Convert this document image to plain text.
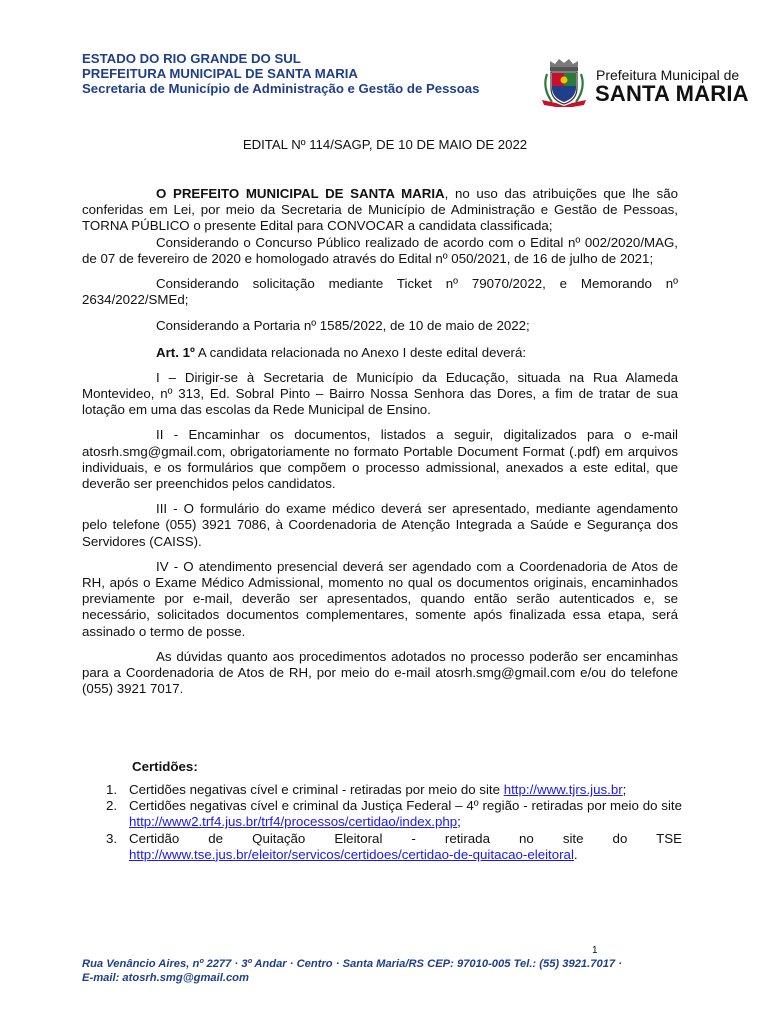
ESTADO DO RIO GRANDE DO SUL
PREFEITURA MUNICIPAL DE SANTA MARIA
Secretaria de Município de Administração e Gestão de Pessoas
Prefeitura Municipal de
SANTA MARIA
EDITAL Nº 114/SAGP, DE 10 DE MAIO DE 2022

O PREFEITO MUNICIPAL DE SANTA MARIA, no uso das atribuições que lhe são conferidas em Lei, por meio da Secretaria de Município de Administração e Gestão de Pessoas, TORNA PÚBLICO o presente Edital para CONVOCAR a candidata classificada;

Considerando o Concurso Público realizado de acordo com o Edital nº 002/2020/MAG, de 07 de fevereiro de 2020 e homologado através do Edital nº 050/2021, de 16 de julho de 2021;

Considerando solicitação mediante Ticket nº 79070/2022, e Memorando nº 2634/2022/SMEd;

Considerando a Portaria nº 1585/2022, de 10 de maio de 2022;

Art. 1º A candidata relacionada no Anexo I deste edital deverá:

I – Dirigir-se à Secretaria de Município da Educação, situada na Rua Alameda Montevideo, nº 313, Ed. Sobral Pinto – Bairro Nossa Senhora das Dores, a fim de tratar de sua lotação em uma das escolas da Rede Municipal de Ensino.

II - Encaminhar os documentos, listados a seguir, digitalizados para o e-mail atosrh.smg@gmail.com, obrigatoriamente no formato Portable Document Format (.pdf) em arquivos individuais, e os formulários que compõem o processo admissional, anexados a este edital, que deverão ser preenchidos pelos candidatos.

III - O formulário do exame médico deverá ser apresentado, mediante agendamento pelo telefone (055) 3921 7086, à Coordenadoria de Atenção Integrada a Saúde e Segurança dos Servidores (CAISS).

IV - O atendimento presencial deverá ser agendado com a Coordenadoria de Atos de RH, após o Exame Médico Admissional, momento no qual os documentos originais, encaminhados previamente por e-mail, deverão ser apresentados, quando então serão autenticados e, se necessário, solicitados documentos complementares, somente após finalizada essa etapa, será assinado o termo de posse.

As dúvidas quanto aos procedimentos adotados no processo poderão ser encaminhas para a Coordenadoria de Atos de RH, por meio do e-mail atosrh.smg@gmail.com e/ou do telefone (055) 3921 7017.

Certidões:
1. Certidões negativas cível e criminal - retiradas por meio do site http://www.tjrs.jus.br;
2. Certidões negativas cível e criminal da Justiça Federal – 4º região - retiradas por meio do site http://www2.trf4.jus.br/trf4/processos/certidao/index.php;
3. Certidão de Quitação Eleitoral - retirada no site do TSE http://www.tse.jus.br/eleitor/servicos/certidoes/certidao-de-quitacao-eleitoral.
1
Rua Venâncio Aires, nº 2277 · 3º Andar · Centro · Santa Maria/RS CEP: 97010-005 Tel.: (55) 3921.7017 ·
E-mail: atosrh.smg@gmail.com
